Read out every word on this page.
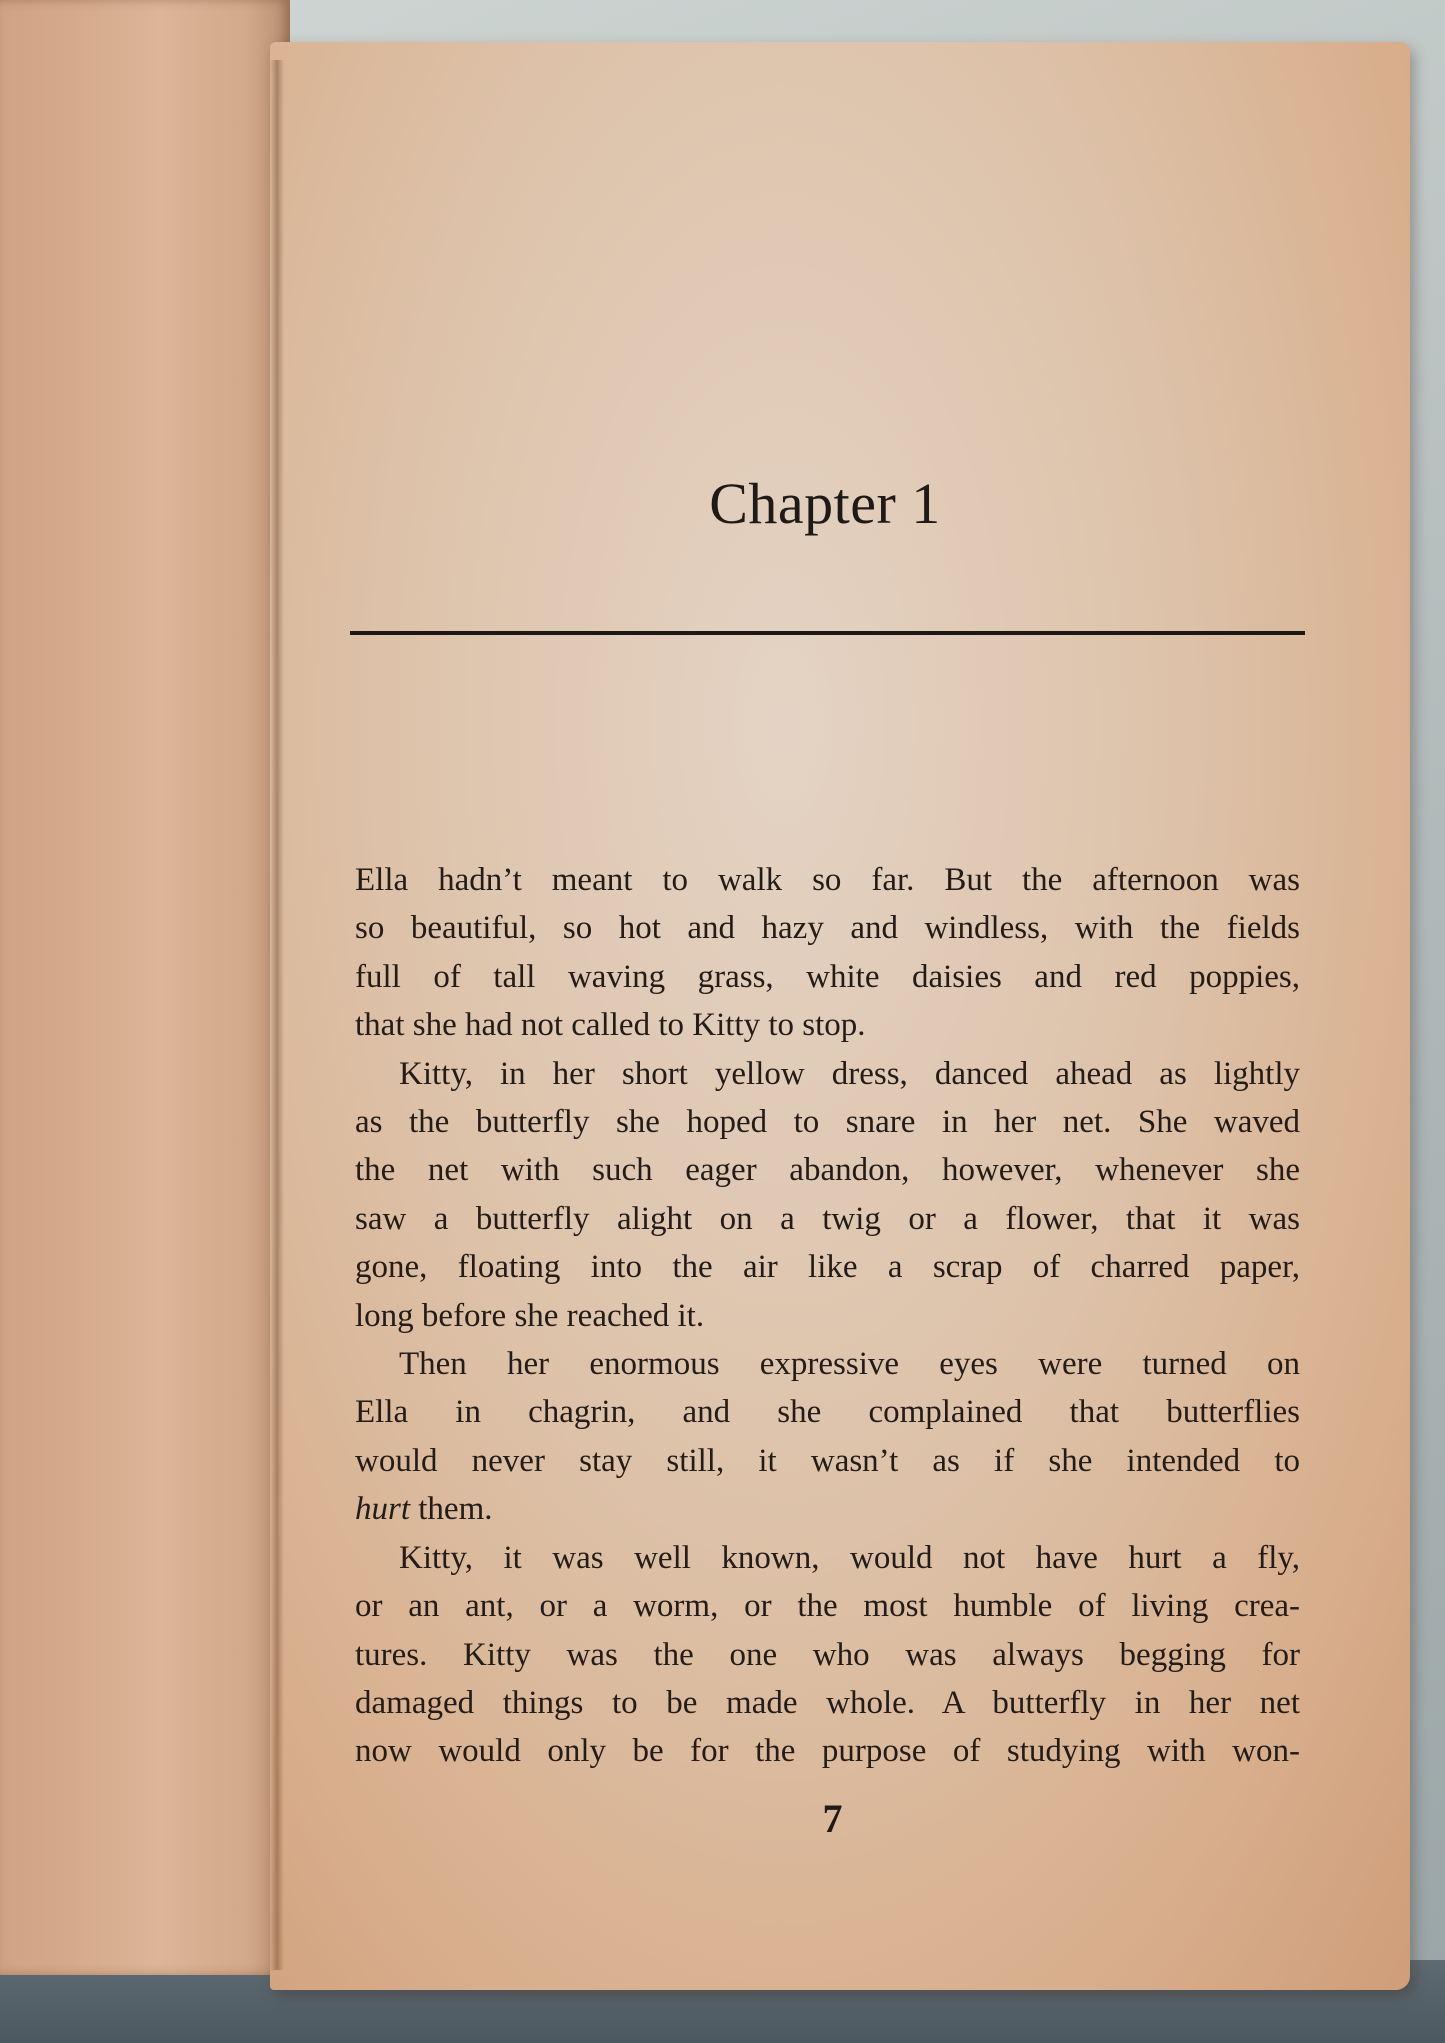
Chapter 1
Ella hadn’t meant to walk so far. But the afternoon was
so beautiful, so hot and hazy and windless, with the fields
full of tall waving grass, white daisies and red poppies,
that she had not called to Kitty to stop.
Kitty, in her short yellow dress, danced ahead as lightly
as the butterfly she hoped to snare in her net. She waved
the net with such eager abandon, however, whenever she
saw a butterfly alight on a twig or a flower, that it was
gone, floating into the air like a scrap of charred paper,
long before she reached it.
Then her enormous expressive eyes were turned on
Ella in chagrin, and she complained that butterflies
would never stay still, it wasn’t as if she intended to
hurt them.
Kitty, it was well known, would not have hurt a fly,
or an ant, or a worm, or the most humble of living crea-
tures. Kitty was the one who was always begging for
damaged things to be made whole. A butterfly in her net
now would only be for the purpose of studying with won-
7
